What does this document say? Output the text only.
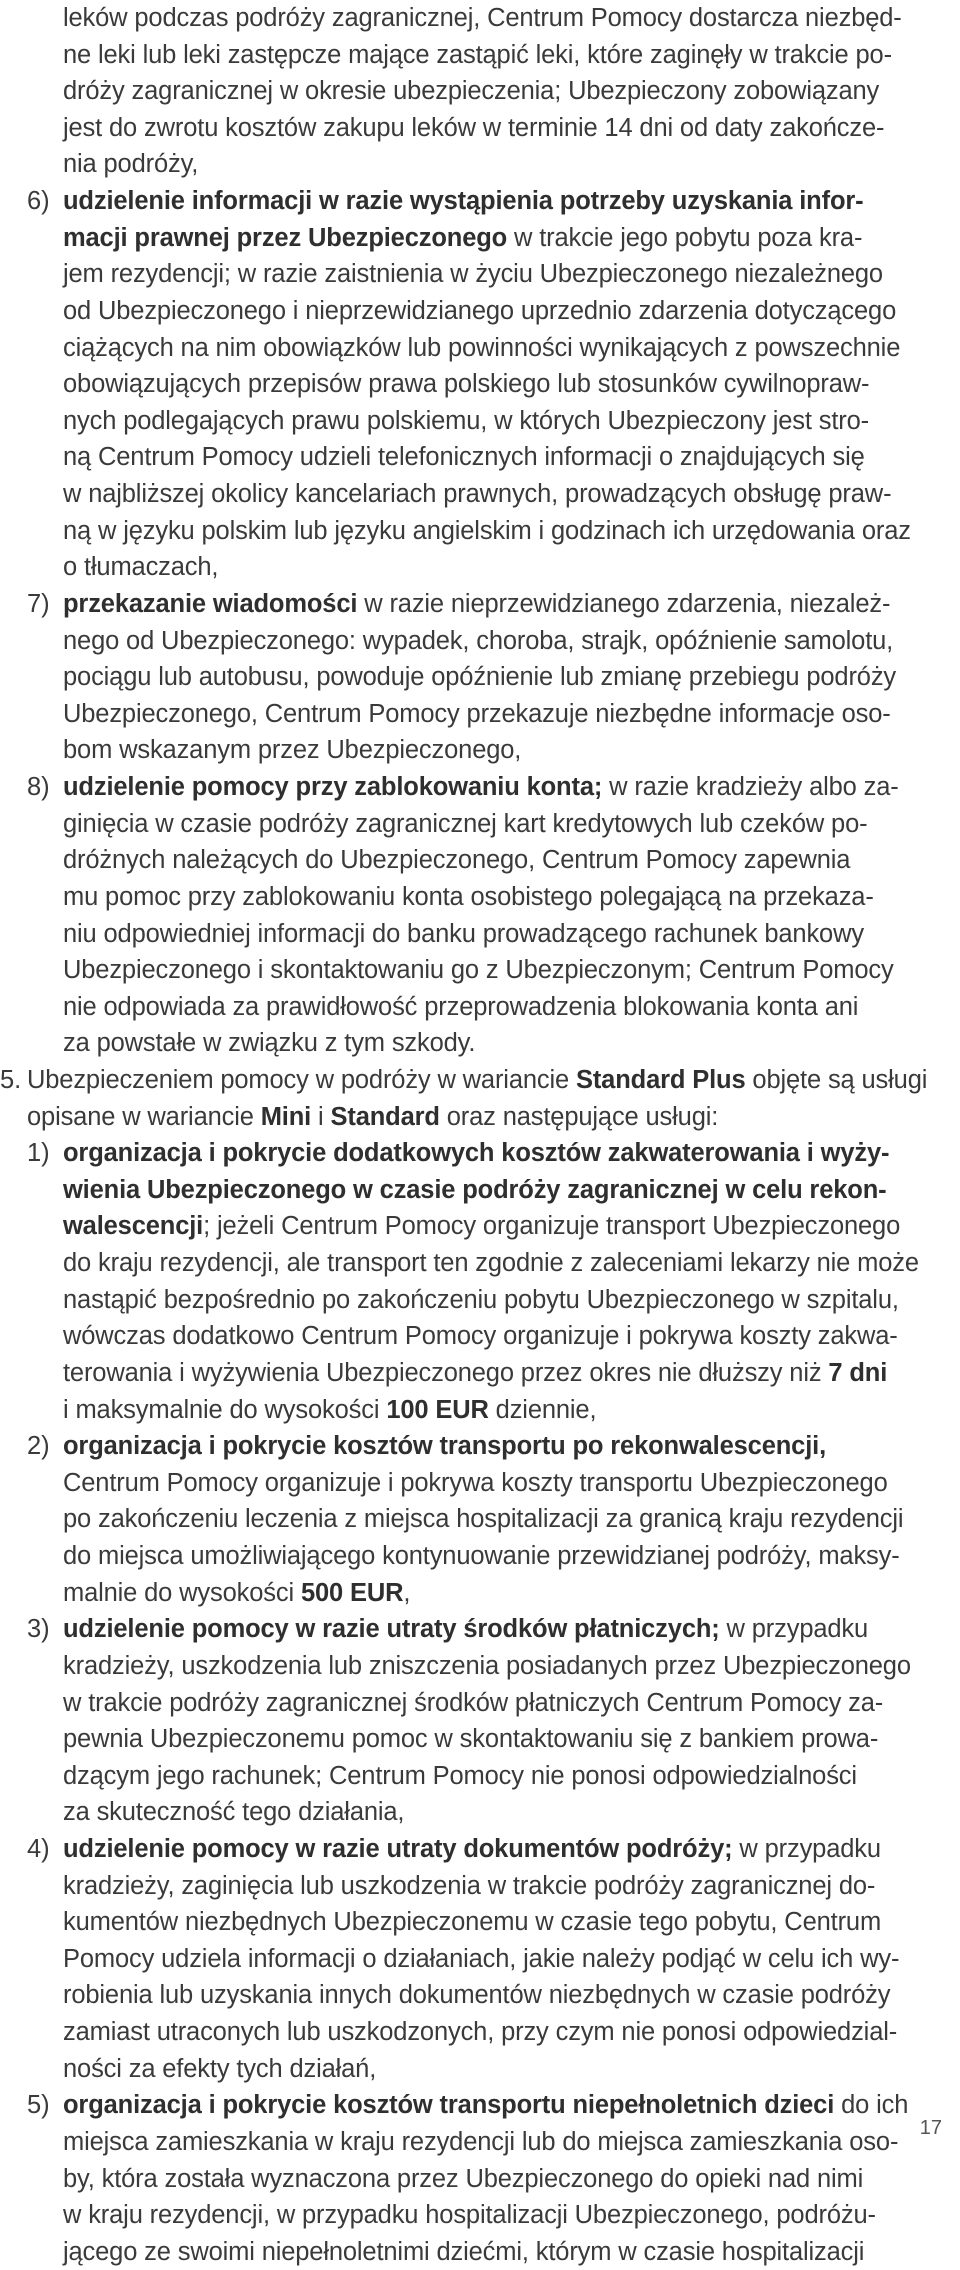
leków podczas podróży zagranicznej, Centrum Pomocy dostarcza niezbęd-
ne leki lub leki zastępcze mające zastąpić leki, które zaginęły w trakcie po-
dróży zagranicznej w okresie ubezpieczenia; Ubezpieczony zobowiązany
jest do zwrotu kosztów zakupu leków w terminie 14 dni od daty zakończe-
nia podróży,
6) udzielenie informacji w razie wystąpienia potrzeby uzyskania infor-
macji prawnej przez Ubezpieczonego w trakcie jego pobytu poza kra-
jem rezydencji; w razie zaistnienia w życiu Ubezpieczonego niezależnego
od Ubezpieczonego i nieprzewidzianego uprzednio zdarzenia dotyczącego
ciążących na nim obowiązków lub powinności wynikających z powszechnie
obowiązujących przepisów prawa polskiego lub stosunków cywilnopraw-
nych podlegających prawu polskiemu, w których Ubezpieczony jest stro-
ną Centrum Pomocy udzieli telefonicznych informacji o znajdujących się
w najbliższej okolicy kancelariach prawnych, prowadzących obsługę praw-
ną w języku polskim lub języku angielskim i godzinach ich urzędowania oraz
o tłumaczach,
7) przekazanie wiadomości w razie nieprzewidzianego zdarzenia, niezależ-
nego od Ubezpieczonego: wypadek, choroba, strajk, opóźnienie samolotu,
pociągu lub autobusu, powoduje opóźnienie lub zmianę przebiegu podróży
Ubezpieczonego, Centrum Pomocy przekazuje niezbędne informacje oso-
bom wskazanym przez Ubezpieczonego,
8) udzielenie pomocy przy zablokowaniu konta; w razie kradzieży albo za-
ginięcia w czasie podróży zagranicznej kart kredytowych lub czeków po-
dróżnych należących do Ubezpieczonego, Centrum Pomocy zapewnia
mu pomoc przy zablokowaniu konta osobistego polegającą na przekaza-
niu odpowiedniej informacji do banku prowadzącego rachunek bankowy
Ubezpieczonego i skontaktowaniu go z Ubezpieczonym; Centrum Pomocy
nie odpowiada za prawidłowość przeprowadzenia blokowania konta ani
za powstałe w związku z tym szkody.
5. Ubezpieczeniem pomocy w podróży w wariancie Standard Plus objęte są usługi
opisane w wariancie Mini i Standard oraz następujące usługi:
1) organizacja i pokrycie dodatkowych kosztów zakwaterowania i wyży-
wienia Ubezpieczonego w czasie podróży zagranicznej w celu rekon-
walescencji; jeżeli Centrum Pomocy organizuje transport Ubezpieczonego
do kraju rezydencji, ale transport ten zgodnie z zaleceniami lekarzy nie może
nastąpić bezpośrednio po zakończeniu pobytu Ubezpieczonego w szpitalu,
wówczas dodatkowo Centrum Pomocy organizuje i pokrywa koszty zakwa-
terowania i wyżywienia Ubezpieczonego przez okres nie dłuższy niż 7 dni
i maksymalnie do wysokości 100 EUR dziennie,
2) organizacja i pokrycie kosztów transportu po rekonwalescencji,
Centrum Pomocy organizuje i pokrywa koszty transportu Ubezpieczonego
po zakończeniu leczenia z miejsca hospitalizacji za granicą kraju rezydencji
do miejsca umożliwiającego kontynuowanie przewidzianej podróży, maksy-
malnie do wysokości 500 EUR,
3) udzielenie pomocy w razie utraty środków płatniczych; w przypadku
kradzieży, uszkodzenia lub zniszczenia posiadanych przez Ubezpieczonego
w trakcie podróży zagranicznej środków płatniczych Centrum Pomocy za-
pewnia Ubezpieczonemu pomoc w skontaktowaniu się z bankiem prowa-
dzącym jego rachunek; Centrum Pomocy nie ponosi odpowiedzialności
za skuteczność tego działania,
4) udzielenie pomocy w razie utraty dokumentów podróży; w przypadku
kradzieży, zaginięcia lub uszkodzenia w trakcie podróży zagranicznej do-
kumentów niezbędnych Ubezpieczonemu w czasie tego pobytu, Centrum
Pomocy udziela informacji o działaniach, jakie należy podjąć w celu ich wy-
robienia lub uzyskania innych dokumentów niezbędnych w czasie podróży
zamiast utraconych lub uszkodzonych, przy czym nie ponosi odpowiedzial-
ności za efekty tych działań,
5) organizacja i pokrycie kosztów transportu niepełnoletnich dzieci do ich
miejsca zamieszkania w kraju rezydencji lub do miejsca zamieszkania oso-
by, która została wyznaczona przez Ubezpieczonego do opieki nad nimi
w kraju rezydencji, w przypadku hospitalizacji Ubezpieczonego, podróżu-
jącego ze swoimi niepełnoletnimi dziećmi, którym w czasie hospitalizacji
17
